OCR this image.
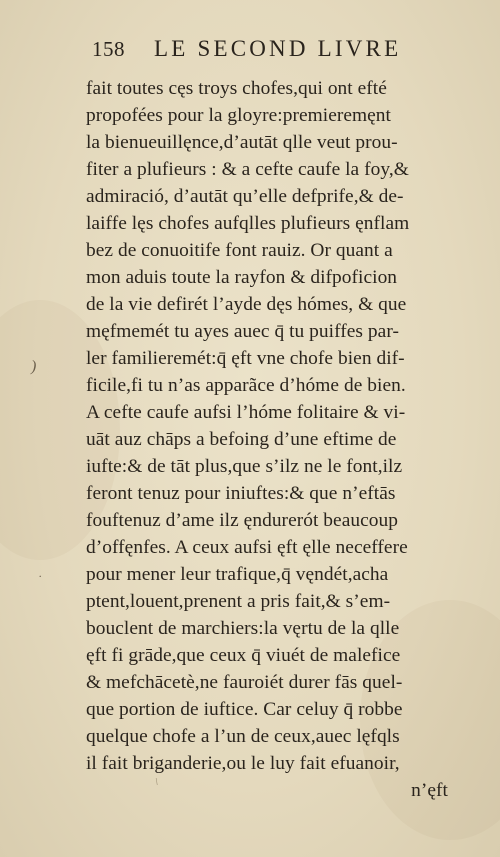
158	LE SECOND LIVRE
fait toutes cęs troys chofes,qui ont efté
propofées pour la gloyre:premieremęnt
la bienueuillęnce,d’autāt qlle veut prou-
fiter a plufieurs : & a cefte caufe la foy,&
admiració, d’autāt qu’elle defprife,& de-
laiffe lęs chofes aufqlles plufieurs ęnflam
bez de conuoitife font rauiz. Or quant a
mon aduis toute la rayfon & difpoficion
de la vie defirét l’ayde dęs hómes, & que
męfmemét tu ayes auec q̄ tu puiffes par-
ler familieremét:q̄ ęft vne chofe bien dif-
ficile,fi tu n’as apparãce d’hóme de bien.
A cefte caufe aufsi l’hóme folitaire & vi-
uāt auz chāps a befoing d’une eftime de
iufte:& de tāt plus,que s’ilz ne le font,ilz
feront tenuz pour iniuftes:& que n’eftās
fouftenuz d’ame ilz ęndurerót beaucoup
d’offęnfes. A ceux aufsi ęft ęlle neceffere
pour mener leur trafique,q̄ vęndét,acha
ptent,louent,prenent a pris fait,& s’em-
bouclent de marchiers:la vęrtu de la qlle
ęft fi grāde,que ceux q̄ viuét de malefice
& mefchācetè,ne fauroiét durer fās quel-
que portion de iuftice. Car celuy q̄ robbe
quelque chofe a l’un de ceux,auec lęfqls
il fait briganderie,ou le luy fait efuanoir,
n’ęft
)
.
\
